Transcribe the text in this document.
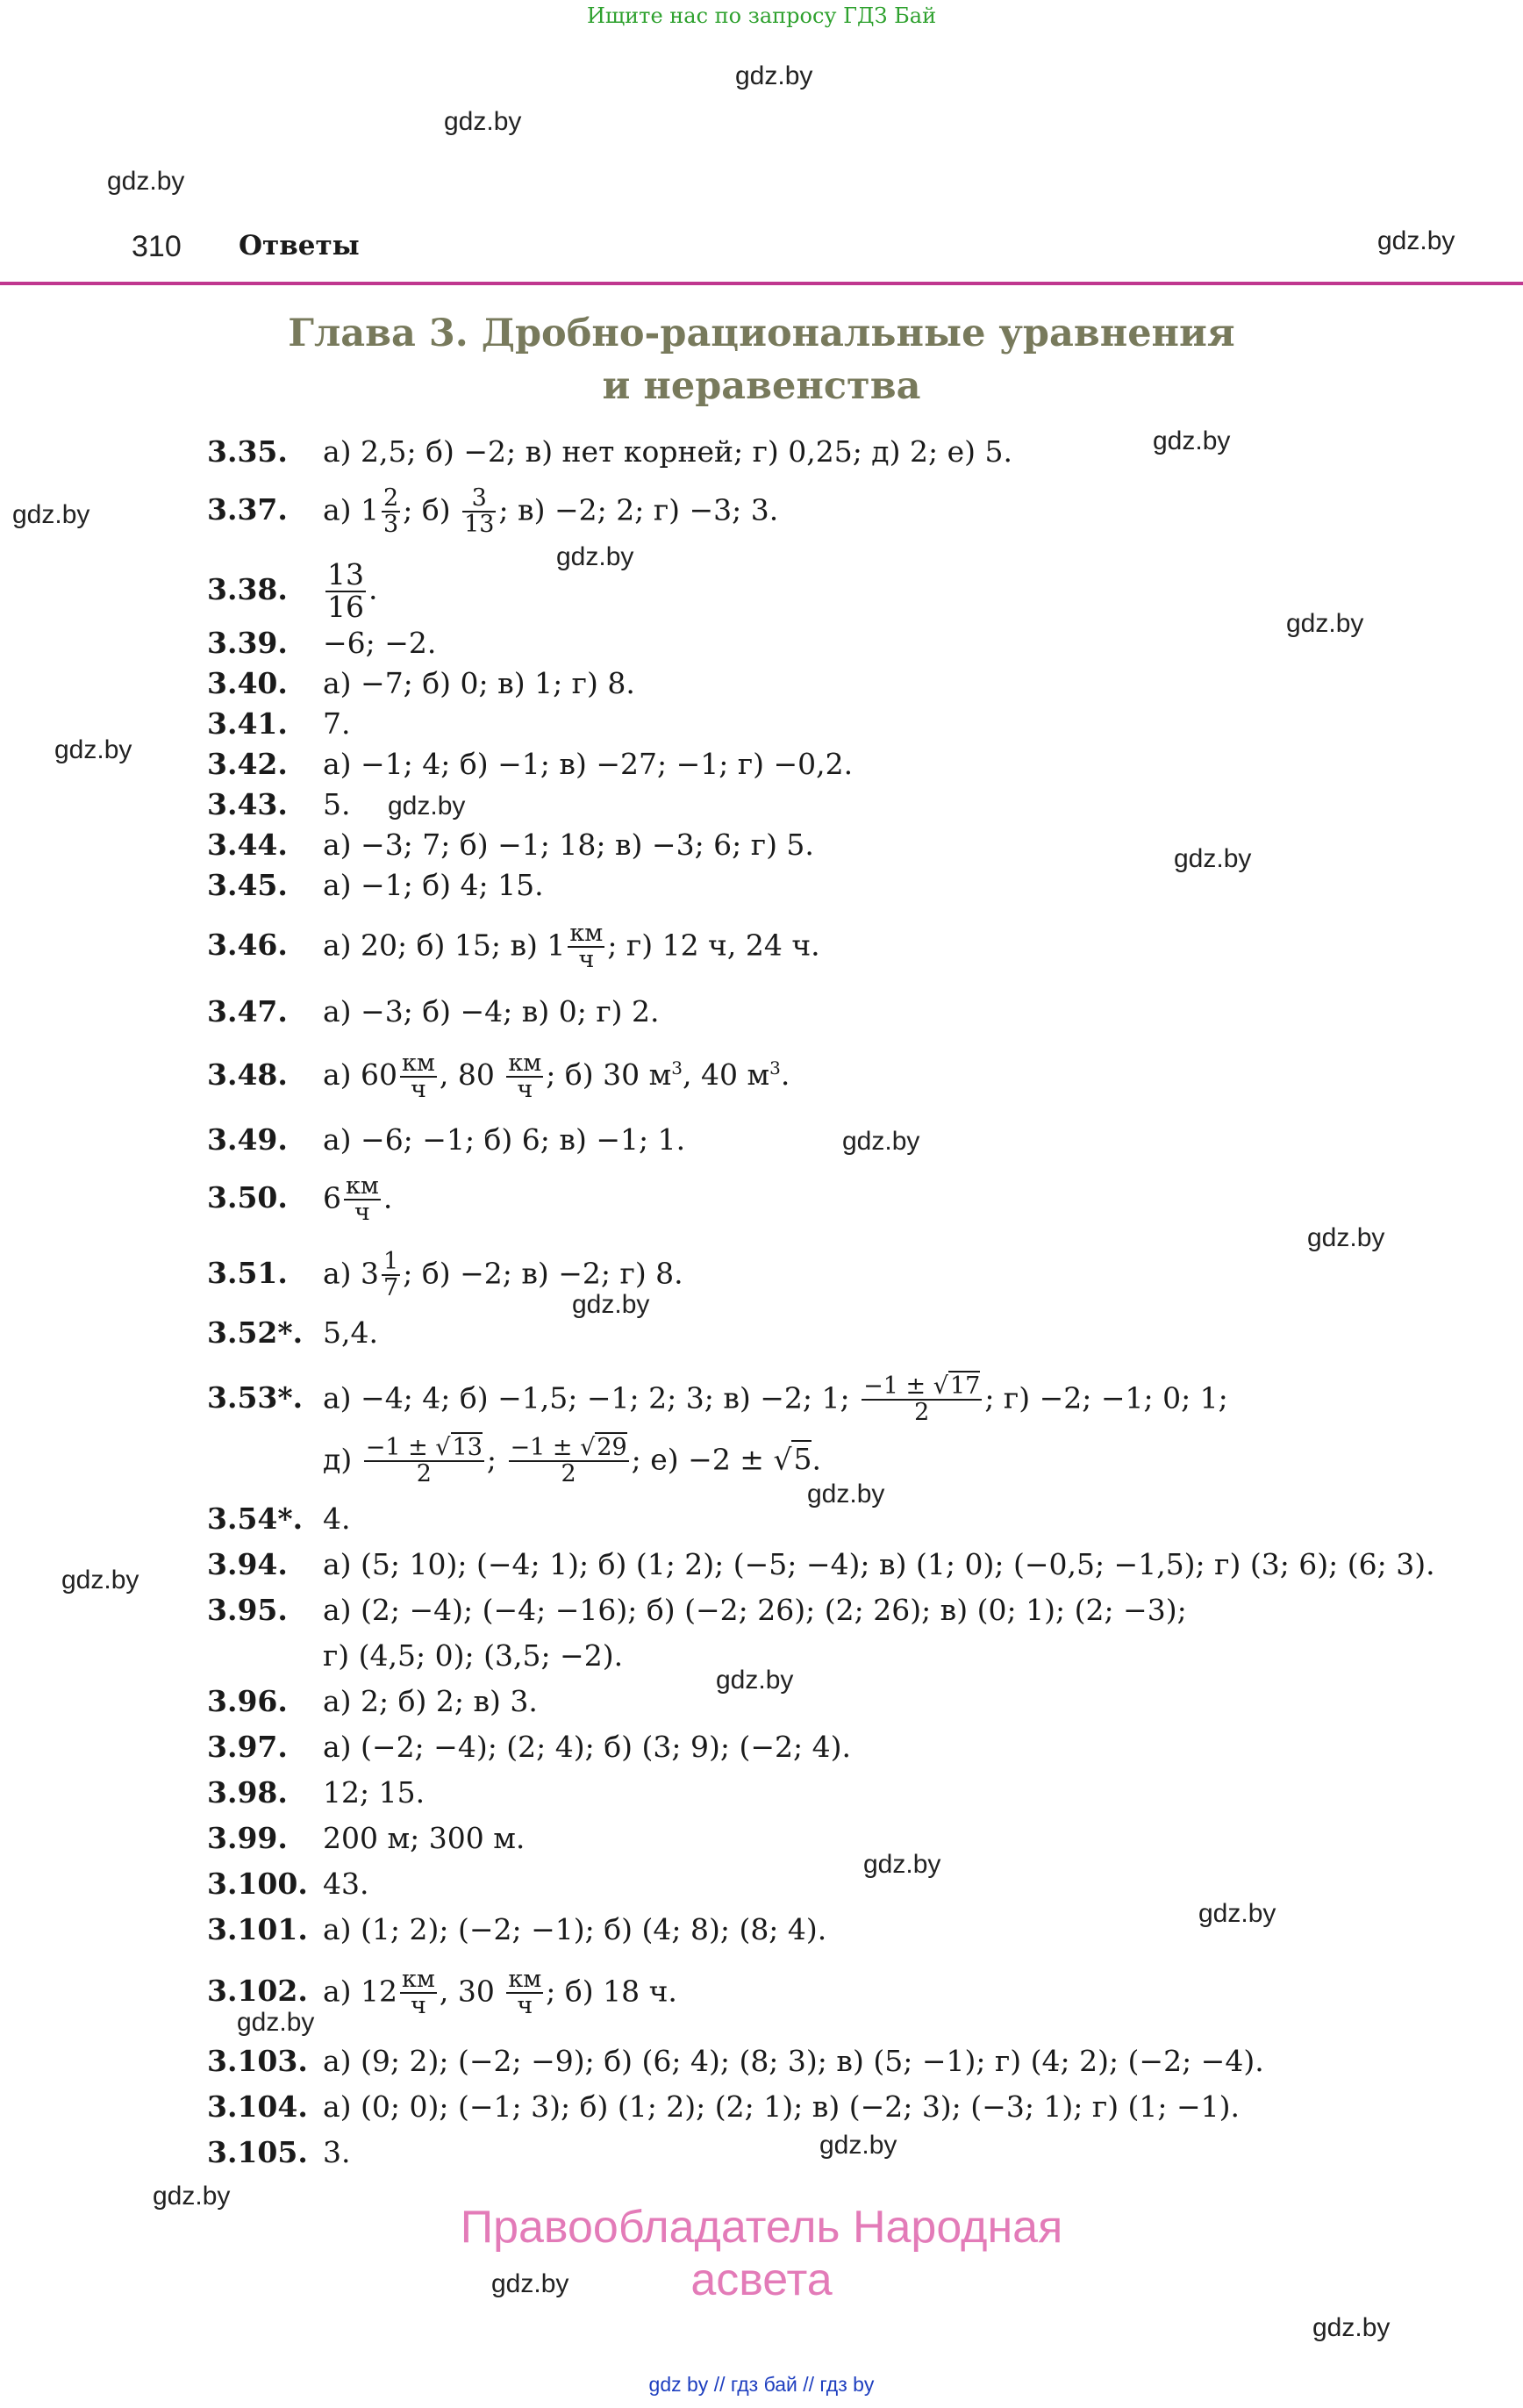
Ищите нас по запросу ГДЗ Бай
gdz.by
gdz.by
gdz.by
gdz.by
310 Ответы
Глава 3. Дробно-рациональные уравнения
и неравенства
gdz.by
gdz.by
gdz.by
gdz.by
gdz.by
gdz.by
gdz.by
gdz.by
gdz.by
gdz.by
gdz.by
gdz.by
gdz.by
gdz.by
gdz.by
gdz.by
gdz.by
gdz.by
gdz.by
gdz.by
3.35. а) 2,5; б) −2; в) нет корней; г) 0,25; д) 2; е) 5.
3.37. а) $1 \frac{2}{3}$ ; $б) \frac{3}{13}$ ; в) −2; 2; г) −3; 3.
3.38. $\frac{13}{16}$ .
3.39. −6; −2.
3.40. а) −7; б) 0; в) 1; г) 8.
3.41. 7.
3.42. а) −1; 4; б) −1; в) −27; −1; г) −0,2.
3.43. 5.
3.44. а) −3; 7; б) −1; 18; в) −3; 6; г) 5.
3.45. а) −1; б) 4; 15.
3.46. а) 20; б) 15; в) $1 \frac{км}{ч}$ ; г) 12 ч, 24 ч.
3.47. а) −3; б) −4; в) 0; г) 2.
3.48. а) $60 \frac{км}{ч}$ , $80 \frac{км}{ч}$ ; б) 30 $м^3$, 40 $м^3$.
3.49. а) −6; −1; б) 6; в) −1; 1.
3.50. $6 \frac{км}{ч}$ .
3.51. а) $3 \frac{1}{7}$ ; б) −2; в) −2; г) 8.
3.52*. 5,4.
3.53*. а) −4; 4; б) −1,5; −1; 2; 3; в) −2; 1; $\frac{-1 \pm √17}{2}$ ; г) −2; −1; 0; 1;
$д) \frac{-1 \pm √13}{2}$ ; $\frac{-1 \pm √29}{2}$ ; е) −2 ± √5.
3.54*. 4.
3.94. а) (5; 10); (−4; 1); б) (1; 2); (−5; −4); в) (1; 0); (−0,5; −1,5); г) (3; 6); (6; 3).
3.95. а) (2; −4); (−4; −16); б) (−2; 26); (2; 26); в) (0; 1); (2; −3);
г) (4,5; 0); (3,5; −2).
3.96. а) 2; б) 2; в) 3.
3.97. а) (−2; −4); (2; 4); б) (3; 9); (−2; 4).
3.98. 12; 15.
3.99. 200 м; 300 м.
3.100. 43.
3.101. а) (1; 2); (−2; −1); б) (4; 8); (8; 4).
3.102. а) $12 \frac{км}{ч}$ , $30 \frac{км}{ч}$ ; б) 18 ч.
3.103. а) (9; 2); (−2; −9); б) (6; 4); (8; 3); в) (5; −1); г) (4; 2); (−2; −4).
3.104. а) (0; 0); (−1; 3); б) (1; 2); (2; 1); в) (−2; 3); (−3; 1); г) (1; −1).
3.105. 3.
Правообладатель Народная асвета
gdz by // гдз бай // гдз by
